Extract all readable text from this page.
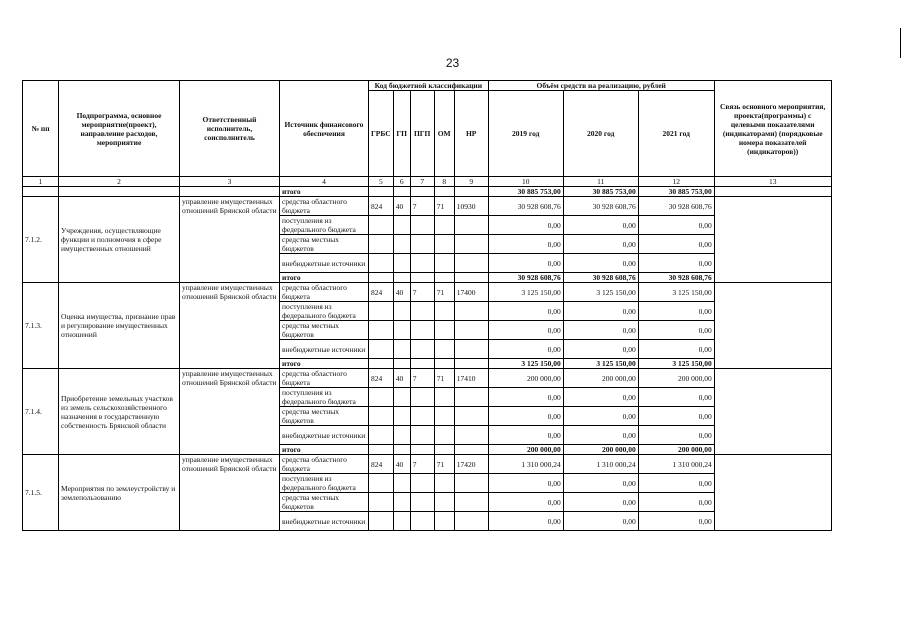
23
№ пп	Подпрограмма, основное мероприятие(проект), направление расходов, мероприятие	Ответственный исполнитель, соисполнитель	Источник финансового обеспечения	Код бюджетной классификации					Объём средств на реализацию, рублей			Связь основного мероприятия, проекта(программы) с целевыми показателями (индикаторами) (порядковые номера показателей (индикаторов))
				ГРБС	ГП	ПГП	ОМ	НР	2019 год	2020 год	2021 год	
1	2	3	4	5	6	7	8	9	10	11	12	13
			итого						30 885 753,00	30 885 753,00	30 885 753,00	
7.1.2.	Учреждения, осуществляющие функции и полномочия в сфере имущественных отношений	управление имущественных отношений Брянской области	средства областного бюджета	824	40	7	71	10930	30 928 608,76	30 928 608,76	30 928 608,76	
			поступления из федерального бюджета						0,00	0,00	0,00	
			средства местных бюджетов						0,00	0,00	0,00	
			внебюджетные источники						0,00	0,00	0,00	
			итого						30 928 608,76	30 928 608,76	30 928 608,76	
7.1.3.	Оценка имущества, признание прав и регулирование имущественных отношений	управление имущественных отношений Брянской области	средства областного бюджета	824	40	7	71	17400	3 125 150,00	3 125 150,00	3 125 150,00	
			поступления из федерального бюджета						0,00	0,00	0,00	
			средства местных бюджетов						0,00	0,00	0,00	
			внебюджетные источники						0,00	0,00	0,00	
			итого						3 125 150,00	3 125 150,00	3 125 150,00	
7.1.4.	Приобретение земельных участков из земель сельскохозяйственного назначения в государственную собственность Брянской области	управление имущественных отношений Брянской области	средства областного бюджета	824	40	7	71	17410	200 000,00	200 000,00	200 000,00	
			поступления из федерального бюджета						0,00	0,00	0,00	
			средства местных бюджетов						0,00	0,00	0,00	
			внебюджетные источники						0,00	0,00	0,00	
			итого						200 000,00	200 000,00	200 000,00	
7.1.5.	Мероприятия по землеустройству и землепользованию	управление имущественных отношений Брянской области	средства областного бюджета	824	40	7	71	17420	1 310 000,24	1 310 000,24	1 310 000,24	
			поступления из федерального бюджета						0,00	0,00	0,00	
			средства местных бюджетов						0,00	0,00	0,00	
			внебюджетные источники						0,00	0,00	0,00	
